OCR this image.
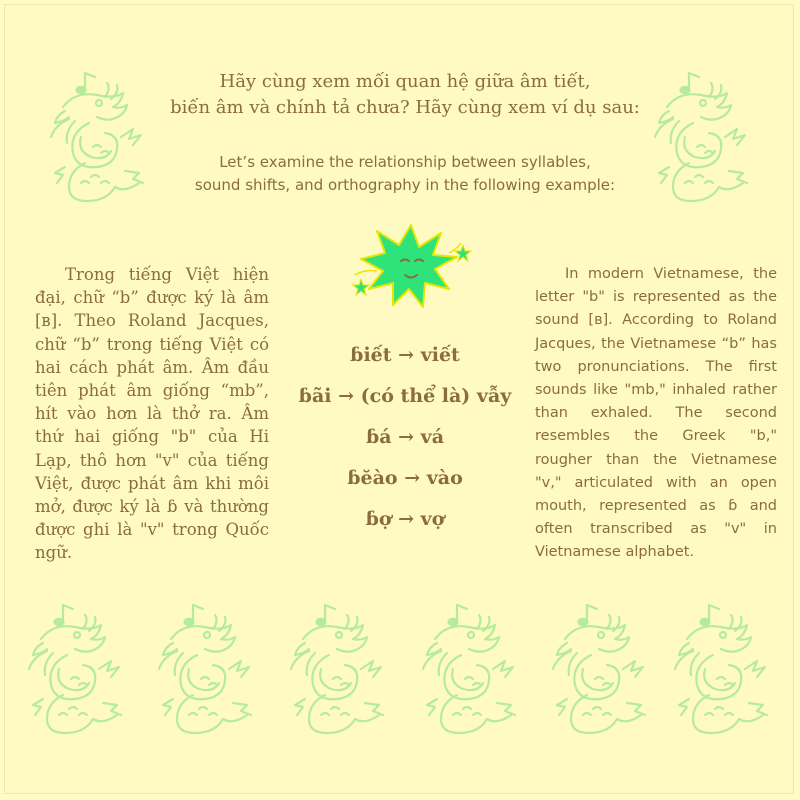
Hãy cùng xem mối quan hệ giữa âm tiết,
biến âm và chính tả chưa? Hãy cùng xem ví dụ sau:
Let’s examine the relationship between syllables,
sound shifts, and orthography in the following example:
Trong tiếng Việt hiện đại, chữ “b” được ký là âm [ʙ]. Theo Roland Jacques, chữ “b” trong tiếng Việt có hai cách phát âm. Âm đầu tiên phát âm giống “mb”, hít vào hơn là thở ra. Âm thứ hai giống "b" của Hi Lạp, thô hơn "v" của tiếng Việt, được phát âm khi môi mở, được ký là ɓ và thường được ghi là "v" trong Quốc ngữ.
ɓiết → viết
ɓãi → (có thể là) vẫy
ɓá → vá
ɓĕào → vào
ɓợ → vợ
In modern Vietnamese, the letter "b" is represented as the sound [ʙ]. According to Roland Jacques, the Vietnamese “b” has two pronunciations. The first sounds like "mb," inhaled rather than exhaled. The second resembles the Greek "b," rougher than the Vietnamese "v," articulated with an open mouth, represented as ɓ and often transcribed as "v" in Vietnamese alphabet.
